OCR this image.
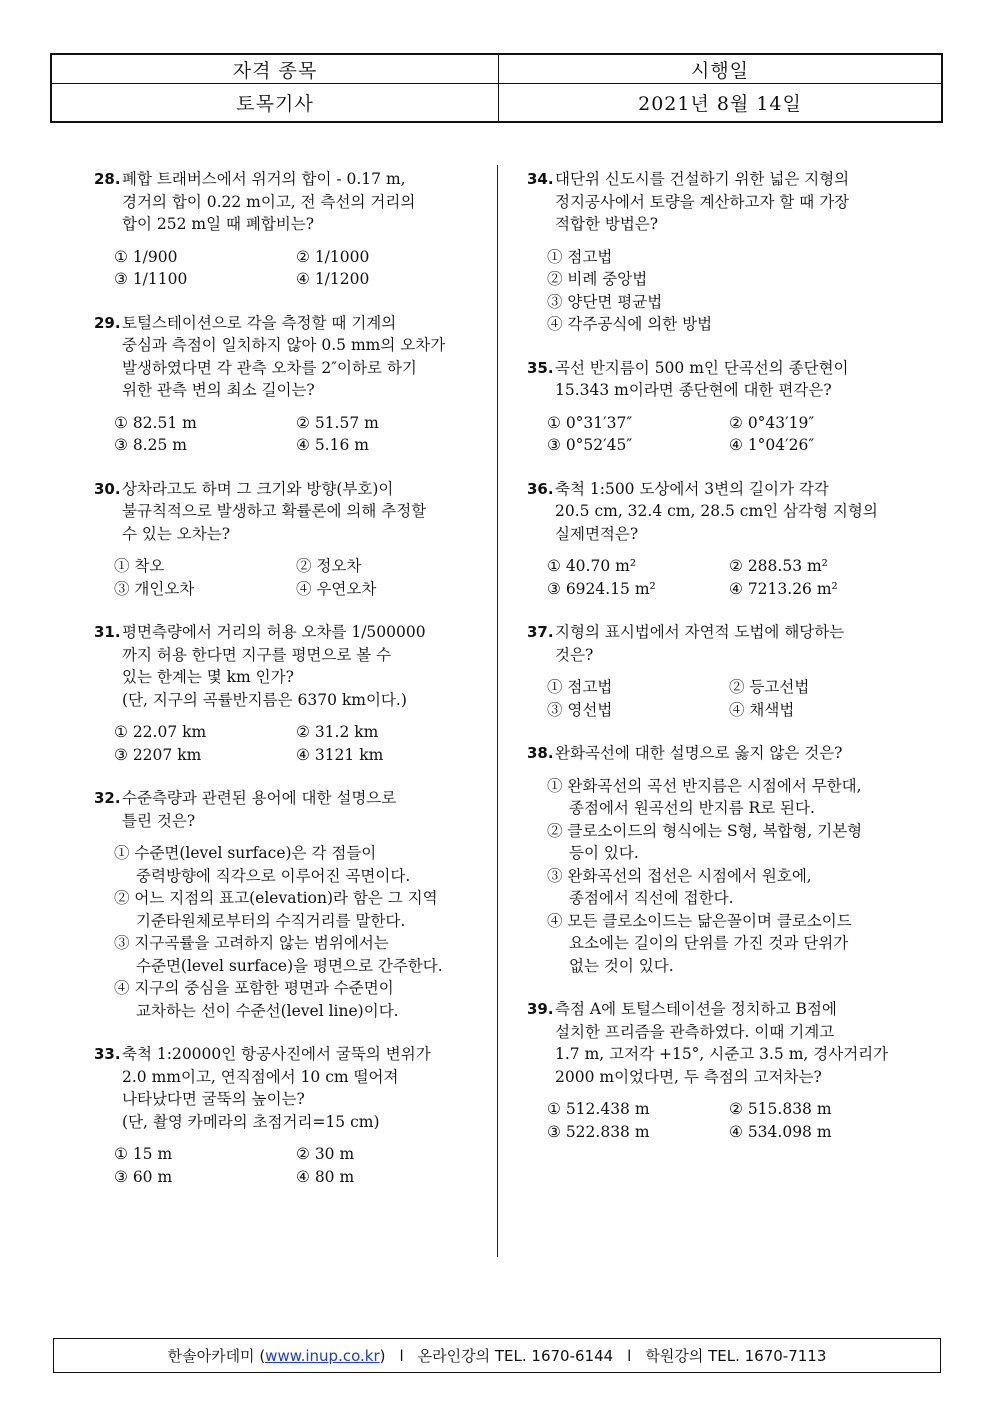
자격 종목	시행일
토목기사	2021년 8월 14일
28.폐합 트래버스에서 위거의 합이 - 0.17 m,
경거의 합이 0.22 m이고, 전 측선의 거리의
합이 252 m일 때 폐합비는?
① 1/900	② 1/1000
③ 1/1100	④ 1/1200
29.토털스테이션으로 각을 측정할 때 기계의
중심과 측점이 일치하지 않아 0.5 mm의 오차가
발생하였다면 각 관측 오차를 2″이하로 하기
위한 관측 변의 최소 길이는?
① 82.51 m	② 51.57 m
③ 8.25 m	④ 5.16 m
30.상차라고도 하며 그 크기와 방향(부호)이
불규칙적으로 발생하고 확률론에 의해 추정할
수 있는 오차는?
① 착오	② 정오차
③ 개인오차	④ 우연오차
31.평면측량에서 거리의 허용 오차를 1/500000
까지 허용 한다면 지구를 평면으로 볼 수
있는 한계는 몇 km 인가?
(단, 지구의 곡률반지름은 6370 km이다.)
① 22.07 km	② 31.2 km
③ 2207 km	④ 3121 km
32.수준측량과 관련된 용어에 대한 설명으로
틀린 것은?
① 수준면(level surface)은 각 점들이
중력방향에 직각으로 이루어진 곡면이다.
② 어느 지점의 표고(elevation)라 함은 그 지역
기준타원체로부터의 수직거리를 말한다.
③ 지구곡률을 고려하지 않는 범위에서는
수준면(level surface)을 평면으로 간주한다.
④ 지구의 중심을 포함한 평면과 수준면이
교차하는 선이 수준선(level line)이다.
33.축척 1:20000인 항공사진에서 굴뚝의 변위가
2.0 mm이고, 연직점에서 10 cm 떨어져
나타났다면 굴뚝의 높이는?
(단, 촬영 카메라의 초점거리=15 cm)
① 15 m	② 30 m
③ 60 m	④ 80 m
34.대단위 신도시를 건설하기 위한 넓은 지형의
정지공사에서 토량을 계산하고자 할 때 가장
적합한 방법은?
① 점고법
② 비례 중앙법
③ 양단면 평균법
④ 각주공식에 의한 방법
35.곡선 반지름이 500 m인 단곡선의 종단현이
15.343 m이라면 종단현에 대한 편각은?
① 0°31′37″	② 0°43′19″
③ 0°52′45″	④ 1°04′26″
36.축척 1:500 도상에서 3변의 길이가 각각
20.5 cm, 32.4 cm, 28.5 cm인 삼각형 지형의
실제면적은?
① 40.70 m²	② 288.53 m²
③ 6924.15 m²	④ 7213.26 m²
37.지형의 표시법에서 자연적 도법에 해당하는
것은?
① 점고법	② 등고선법
③ 영선법	④ 채색법
38.완화곡선에 대한 설명으로 옳지 않은 것은?
① 완화곡선의 곡선 반지름은 시점에서 무한대,
종점에서 원곡선의 반지름 R로 된다.
② 클로소이드의 형식에는 S형, 복합형, 기본형
등이 있다.
③ 완화곡선의 접선은 시점에서 원호에,
종점에서 직선에 접한다.
④ 모든 클로소이드는 닮은꼴이며 클로소이드
요소에는 길이의 단위를 가진 것과 단위가
없는 것이 있다.
39.측점 A에 토털스테이션을 정치하고 B점에
설치한 프리즘을 관측하였다. 이때 기계고
1.7 m, 고저각 +15°, 시준고 3.5 m, 경사거리가
2000 m이었다면, 두 측점의 고저차는?
① 512.438 m	② 515.838 m
③ 522.838 m	④ 534.098 m
한솔아카데미 ( www.inup.co.kr ) l 온라인강의 TEL. 1670-6144 l 학원강의 TEL. 1670-7113
